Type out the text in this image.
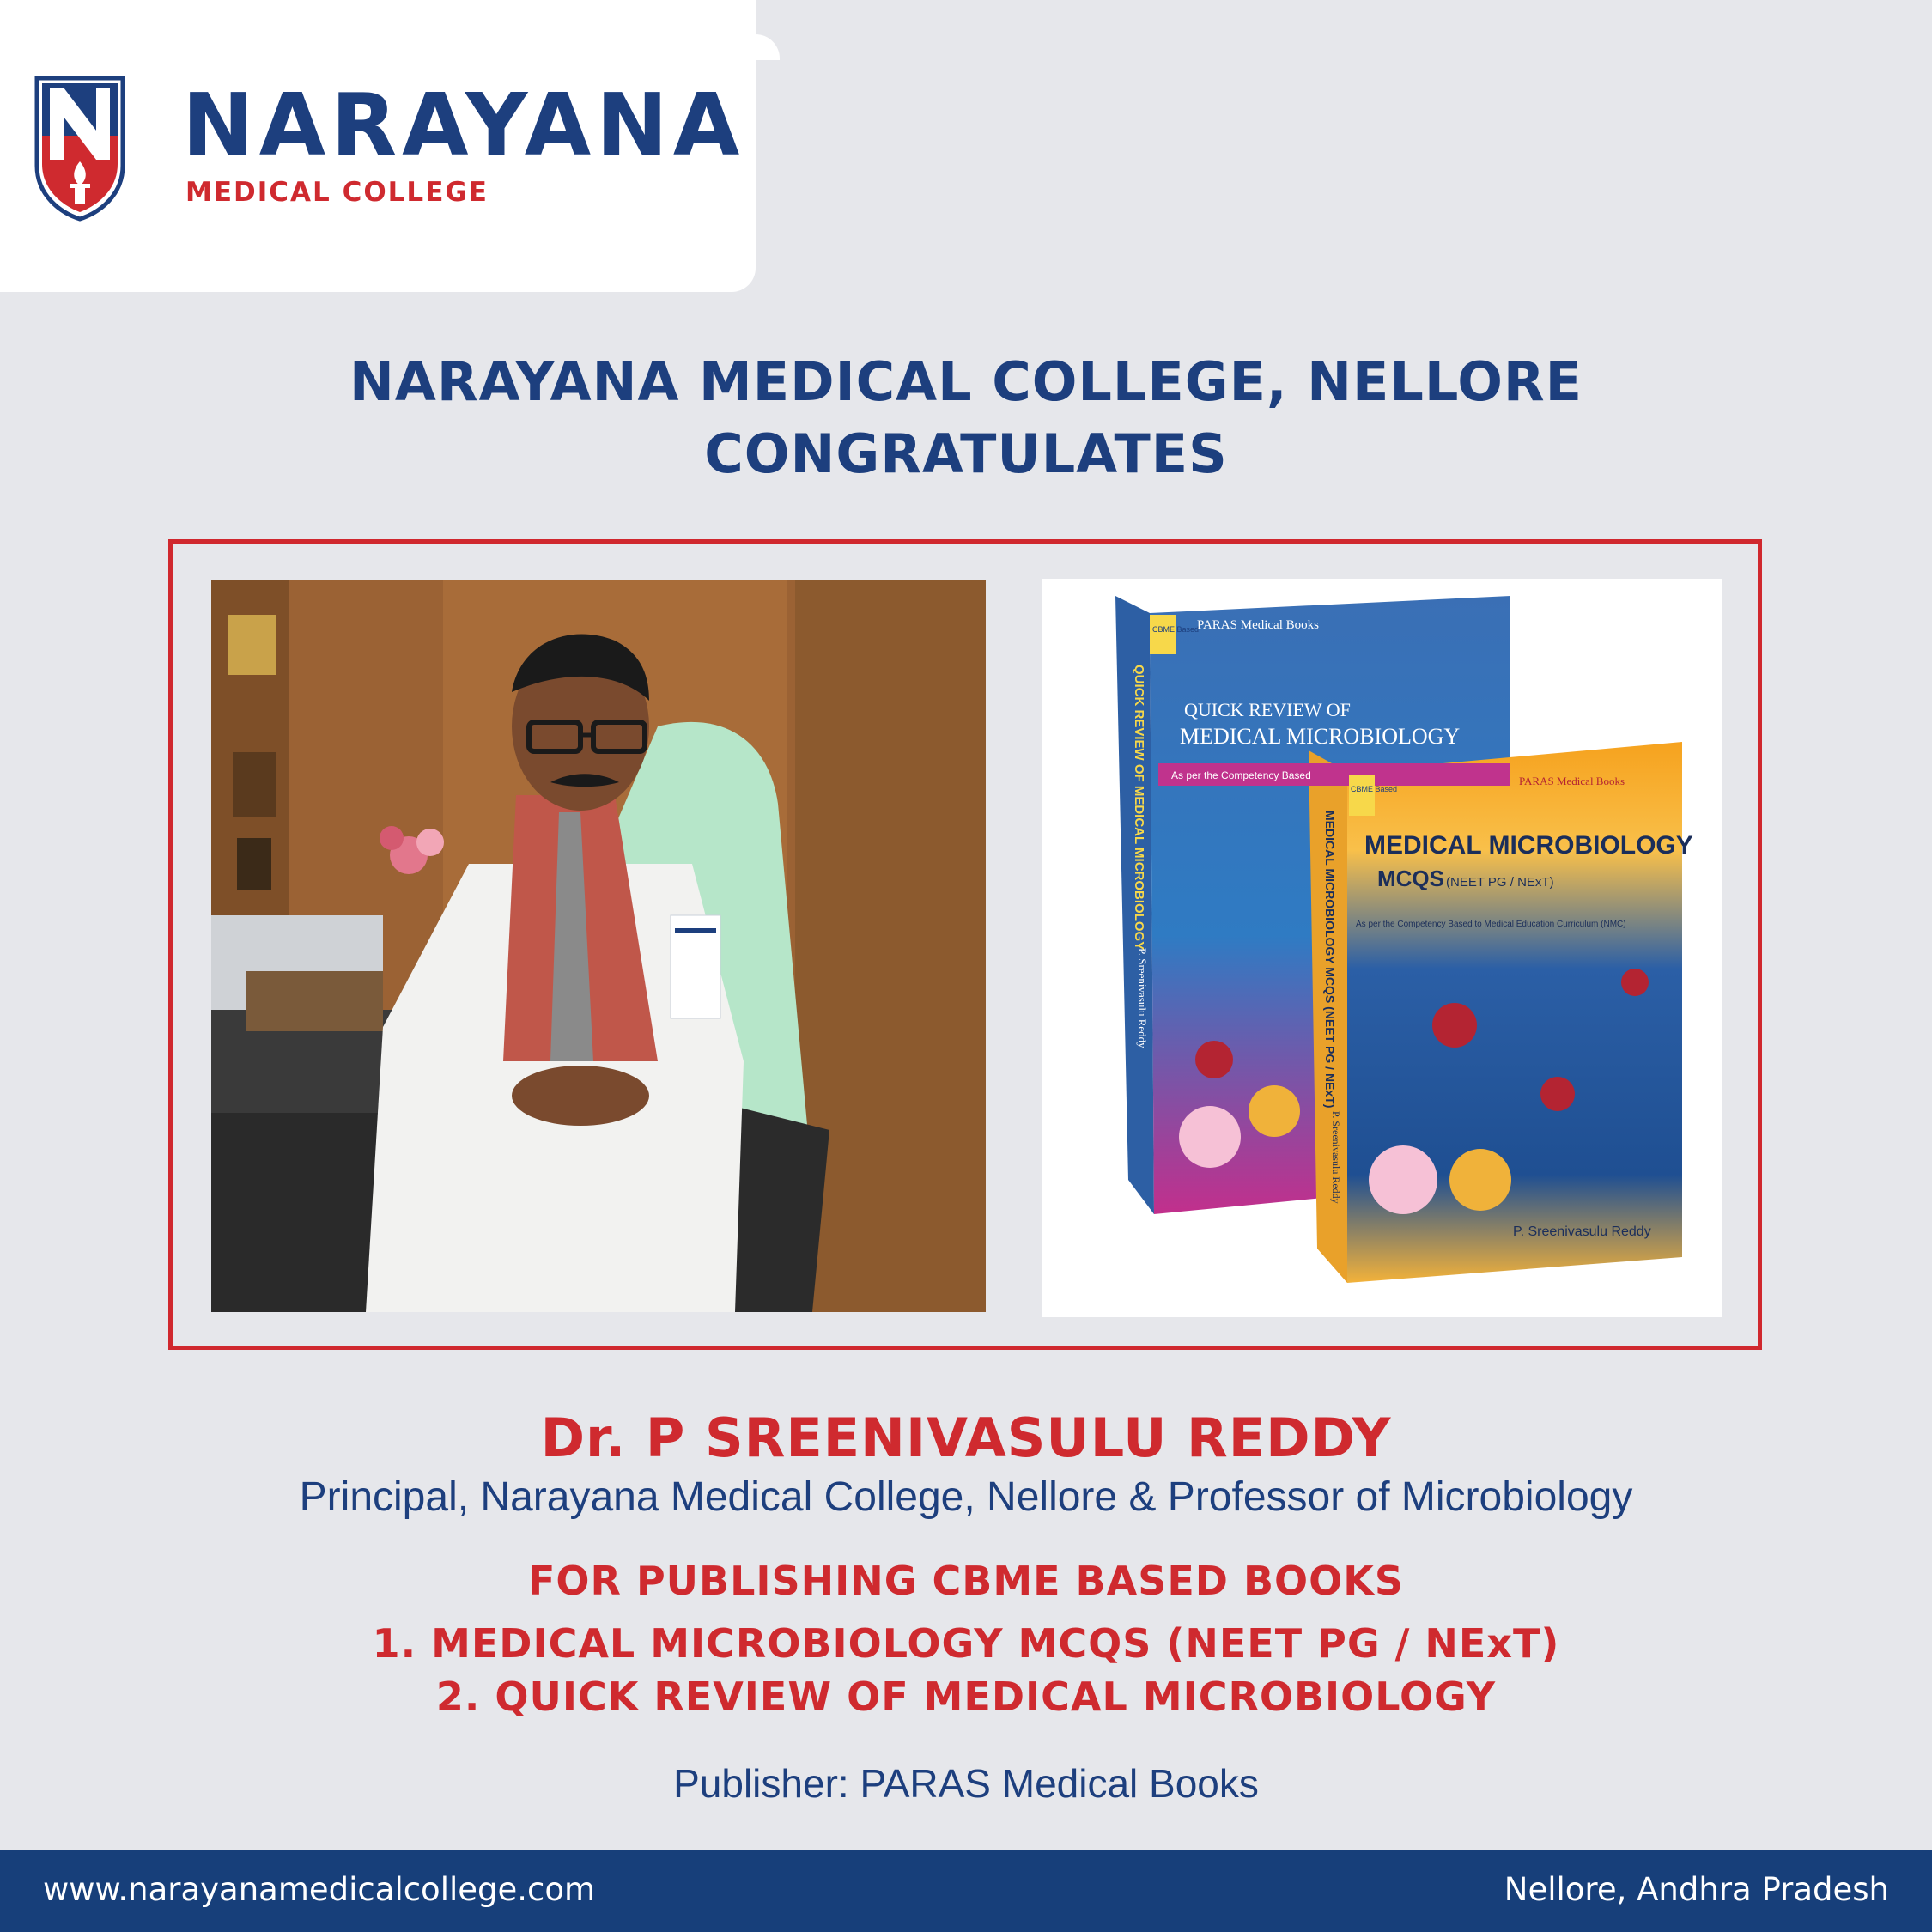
NARAYANA
MEDICAL COLLEGE
NARAYANA MEDICAL COLLEGE, NELLORE
CONGRATULATES
PARAS Medical Books
QUICK REVIEW OF
MEDICAL MICROBIOLOGY
As per the Competency Based
CBME Based
QUICK REVIEW OF MEDICAL MICROBIOLOGY
P. Sreenivasulu Reddy
PARAS Medical Books
MEDICAL MICROBIOLOGY
MCQS (NEET PG / NExT)
As per the Competency Based to Medical Education Curriculum (NMC)
CBME Based
P. Sreenivasulu Reddy
MEDICAL MICROBIOLOGY MCQS (NEET PG / NExT)
P. Sreenivasulu Reddy
Dr. P SREENIVASULU REDDY
Principal, Narayana Medical College, Nellore & Professor of Microbiology
FOR PUBLISHING CBME BASED BOOKS
1. MEDICAL MICROBIOLOGY MCQS (NEET PG / NExT)
2. QUICK REVIEW OF MEDICAL MICROBIOLOGY
Publisher: PARAS Medical Books
www.narayanamedicalcollege.com	Nellore, Andhra Pradesh
